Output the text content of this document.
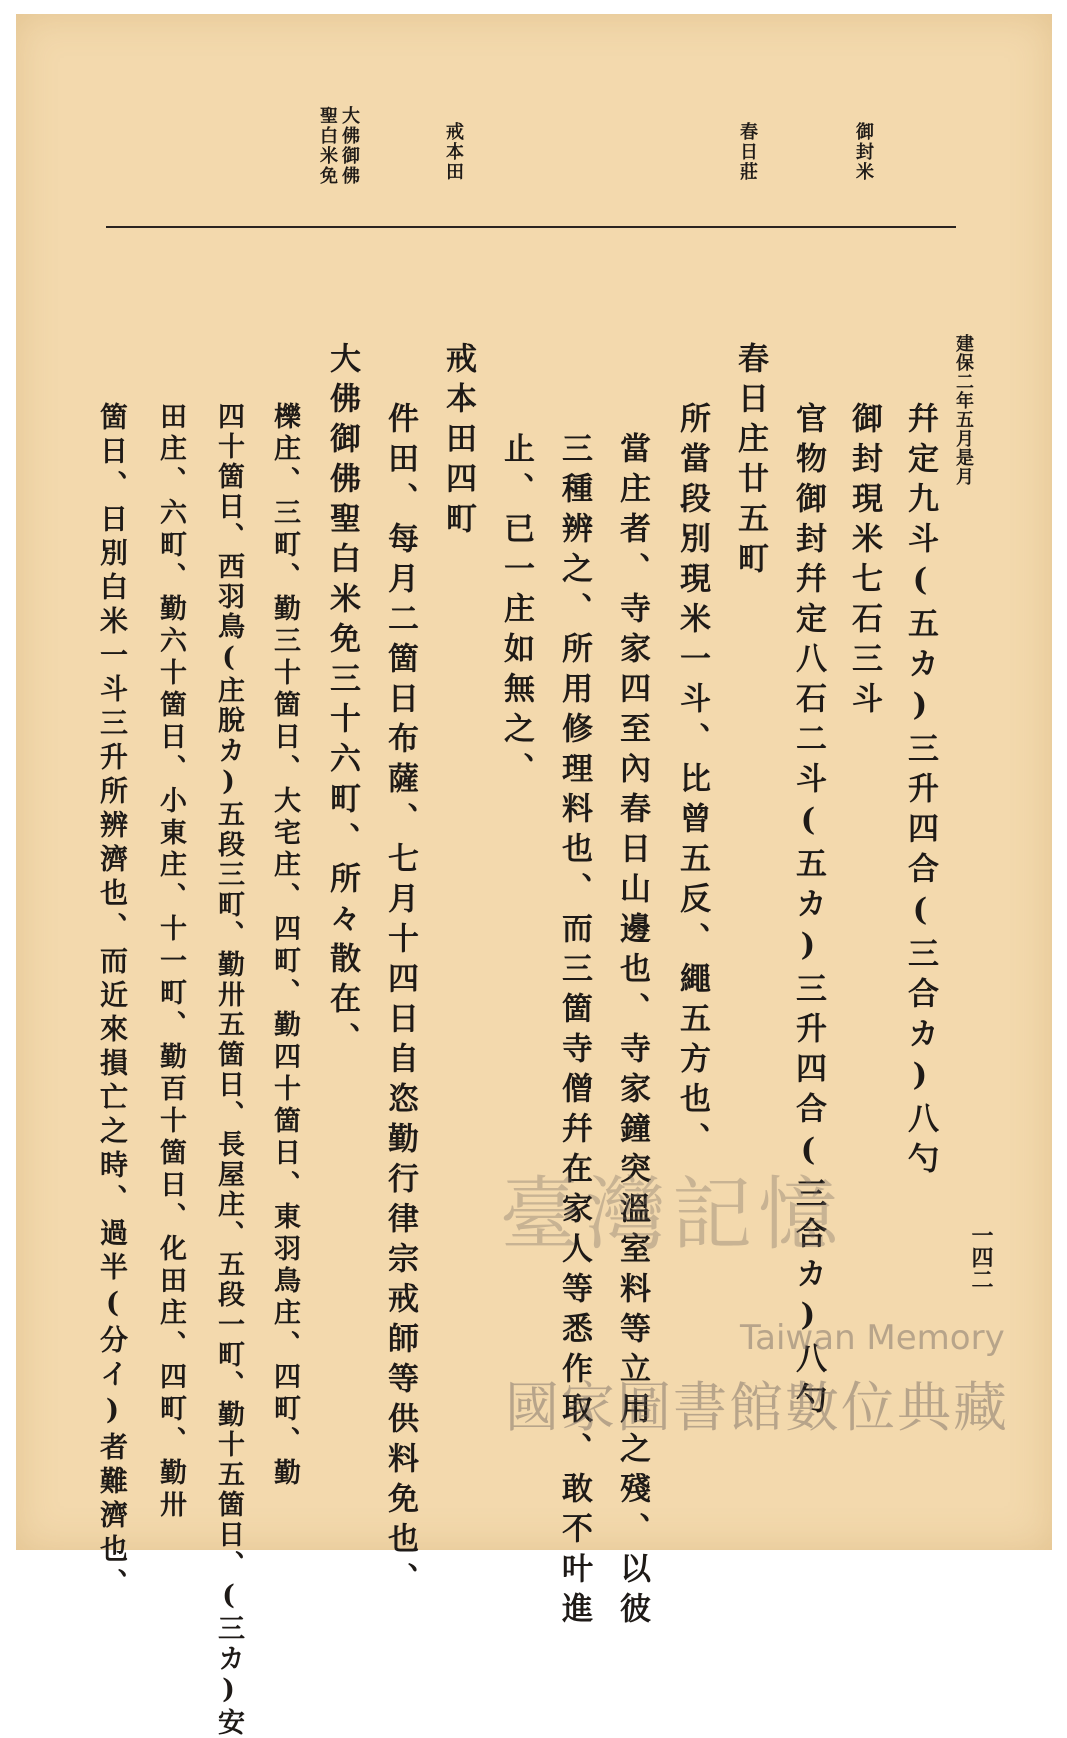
御封米
春日莊
戒本田
大佛御佛
聖白米免
建保二年五月是月
幷定九斗(五カ)三升四合(三合カ)八勺
御封現米七石三斗
官物御封幷定八石二斗(五カ)三升四合(三合カ)八勺
春日庄廿五町
所當段別現米一斗、比曾五反、繩五方也、
當庄者、寺家四至內春日山邊也、寺家鐘突溫室料等立用之殘、以彼
三種辨之、所用修理料也、而三箇寺僧幷在家人等悉作取、敢不叶進
止、已一庄如無之、
戒本田四町
件田、每月二箇日布薩、七月十四日自恣勤行律宗戒師等供料免也、
大佛御佛聖白米免三十六町、所々散在、
櫟庄、三町、勤三十箇日、大宅庄、四町、勤四十箇日、東羽鳥庄、四町、勤
四十箇日、西羽鳥(庄脫カ)五段三町、勤卅五箇日、長屋庄、五段一町、勤十五箇日、(三カ)安
田庄、六町、勤六十箇日、小東庄、十一町、勤百十箇日、化田庄、四町、勤卅
箇日、日別白米一斗三升所辨濟也、而近來損亡之時、過半(分イ)者難濟也、	一四二
臺灣記憶
Taiwan Memory
國家圖書館數位典藏
